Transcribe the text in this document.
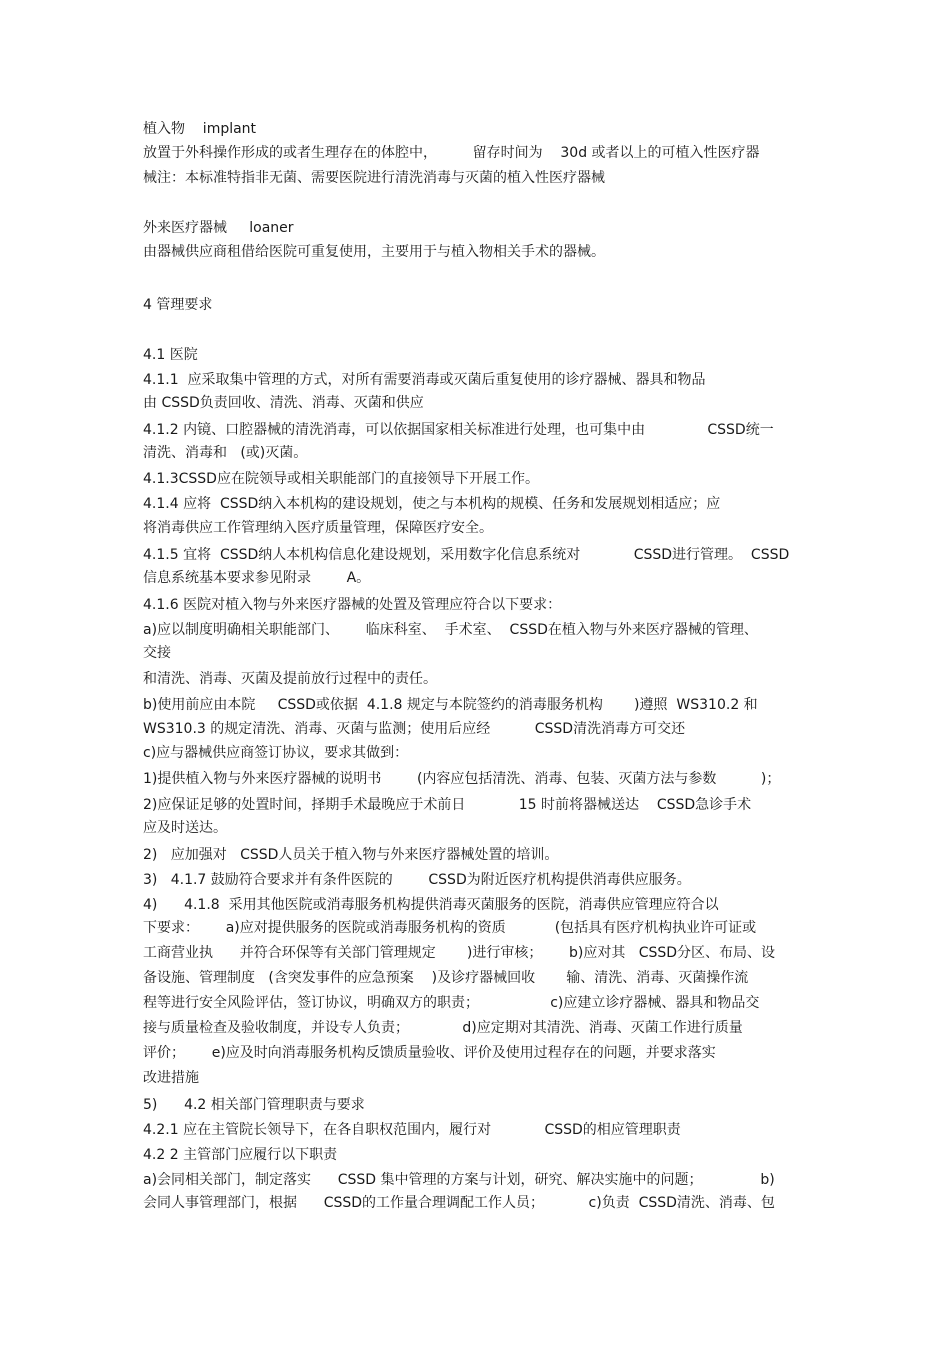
植入物    implant

放置于外科操作形成的或者生理存在的体腔中，        留存时间为    30d 或者以上的可植入性医疗器

械注：本标准特指非无菌、需要医院进行清洗消毒与灭菌的植入性医疗器械

外来医疗器械     loaner

由器械供应商租借给医院可重复使用，主要用于与植入物相关手术的器械。

4 管理要求

4.1 医院

4.1.1  应采取集中管理的方式，对所有需要消毒或灭菌后重复使用的诊疗器械、器具和物品

由 CSSD负责回收、清洗、消毒、灭菌和供应

4.1.2 内镜、口腔器械的清洗消毒，可以依据国家相关标准进行处理，也可集中由              CSSD统一

清洗、消毒和   (或)灭菌。

4.1.3CSSD应在院领导或相关职能部门的直接领导下开展工作。

4.1.4 应将  CSSD纳入本机构的建设规划，使之与本机构的规模、任务和发展规划相适应；应

将消毒供应工作管理纳入医疗质量管理，保障医疗安全。

4.1.5 宜将  CSSD纳人本机构信息化建设规划，采用数字化信息系统对            CSSD进行管理。  CSSD

信息系统基本要求参见附录        A。

4.1.6 医院对植入物与外来医疗器械的处置及管理应符合以下要求：

a)应以制度明确相关职能部门、      临床科室、  手术室、  CSSD在植入物与外来医疗器械的管理、

交接

和清洗、消毒、灭菌及提前放行过程中的责任。

b)使用前应由本院     CSSD或依据  4.1.8 规定与本院签约的消毒服务机构       )遵照  WS310.2 和

WS310.3 的规定清洗、消毒、灭菌与监测；使用后应经          CSSD清洗消毒方可交还

c)应与器械供应商签订协议，要求其做到：

1)提供植入物与外来医疗器械的说明书        (内容应包括清洗、消毒、包装、灭菌方法与参数          )；

2)应保证足够的处置时间，择期手术最晚应于术前日            15 时前将器械送达    CSSD急诊手术

应及时送达。

2)   应加强对   CSSD人员关于植入物与外来医疗器械处置的培训。

3)   4.1.7 鼓励符合要求并有条件医院的        CSSD为附近医疗机构提供消毒供应服务。

4)      4.1.8  采用其他医院或消毒服务机构提供消毒灭菌服务的医院，消毒供应管理应符合以

下要求：      a)应对提供服务的医院或消毒服务机构的资质           (包括具有医疗机构执业许可证或

工商营业执      并符合环保等有关部门管理规定       )进行审核；      b)应对其   CSSD分区、布局、设

备设施、管理制度   (含突发事件的应急预案    )及诊疗器械回收       输、清洗、消毒、灭菌操作流

程等进行安全风险评估，签订协议，明确双方的职责；                c)应建立诊疗器械、器具和物品交

接与质量检查及验收制度，并设专人负责；            d)应定期对其清洗、消毒、灭菌工作进行质量

评价；      e)应及时向消毒服务机构反馈质量验收、评价及使用过程存在的问题，并要求落实

改进措施

5)      4.2 相关部门管理职责与要求

4.2.1 应在主管院长领导下，在各自职权范围内，履行对            CSSD的相应管理职责

4.2 2 主管部门应履行以下职责

a)会同相关部门，制定落实      CSSD 集中管理的方案与计划，研究、解决实施中的问题；             b)

会同人事管理部门，根据      CSSD的工作量合理调配工作人员；          c)负责  CSSD清洗、消毒、包
